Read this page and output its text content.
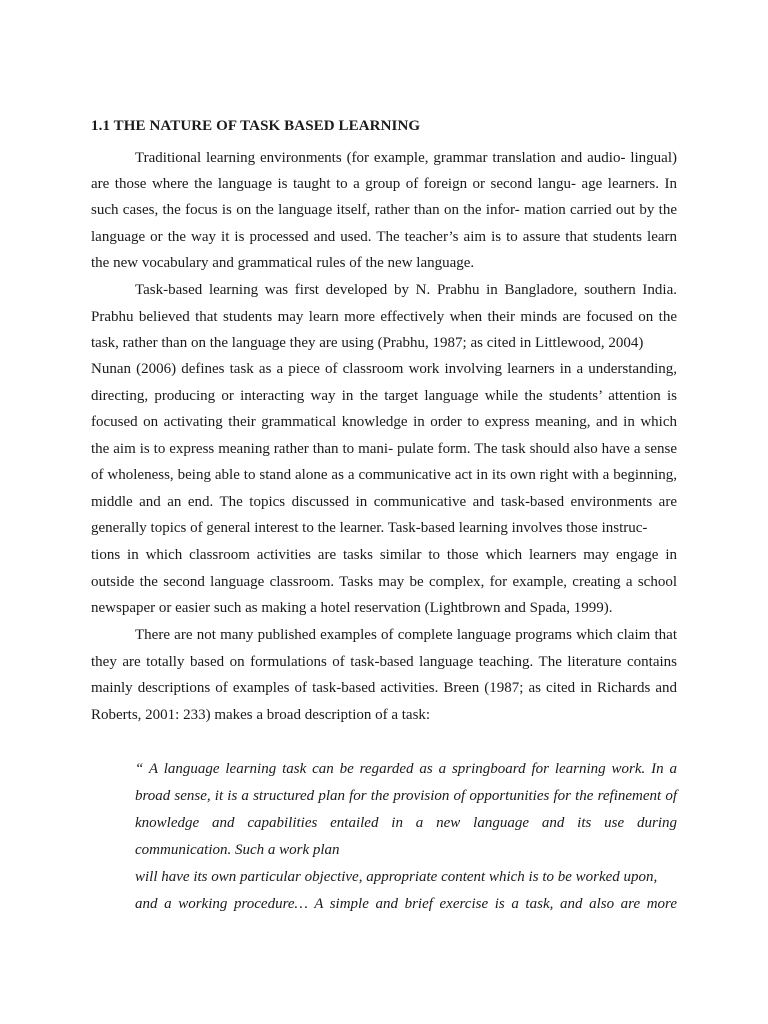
1.1 THE NATURE OF TASK BASED LEARNING
Traditional learning environments (for example, grammar translation and audio- lingual)
are those where the language is taught to a group of foreign or second langu- age learners. In
such cases, the focus is on the language itself, rather than on the infor- mation carried out by the
language or the way it is processed and used. The teacher’s aim is to assure that students learn
the new vocabulary and grammatical rules of the new language.
Task-based learning was first developed by N. Prabhu in Bangladore, southern India.
Prabhu believed that students may learn more effectively when their minds are focused on the
task, rather than on the language they are using (Prabhu, 1987; as cited in Littlewood, 2004)
Nunan (2006) defines task as a piece of classroom work involving learners in a understanding,
directing, producing or interacting way in the target language while the students’ attention is
focused on activating their grammatical knowledge in order to express meaning, and in which
the aim is to express meaning rather than to mani- pulate form. The task should also have a sense
of wholeness, being able to stand alone as a communicative act in its own right with a beginning,
middle and an end. The topics discussed in communicative and task-based environments are
generally topics of general interest to the learner. Task-based learning involves those instruc-
tions in which classroom activities are tasks similar to those which learners may engage in
outside the second language classroom. Tasks may be complex, for example, creating a school
newspaper or easier such as making a hotel reservation (Lightbrown and Spada, 1999).
There are not many published examples of complete language programs which claim that
they are totally based on formulations of task-based language teaching. The literature contains
mainly descriptions of examples of task-based activities. Breen (1987; as cited in Richards and
Roberts, 2001: 233) makes a broad description of a task:
“ A language learning task can be regarded as a springboard for learning work. In a
broad sense, it is a structured plan for the provision of opportunities for the refinement of
knowledge and capabilities entailed in a new language and its use during
communication. Such a work plan
will have its own particular objective, appropriate content which is to be worked upon,
and a working procedure… A simple and brief exercise is a task, and also are more
